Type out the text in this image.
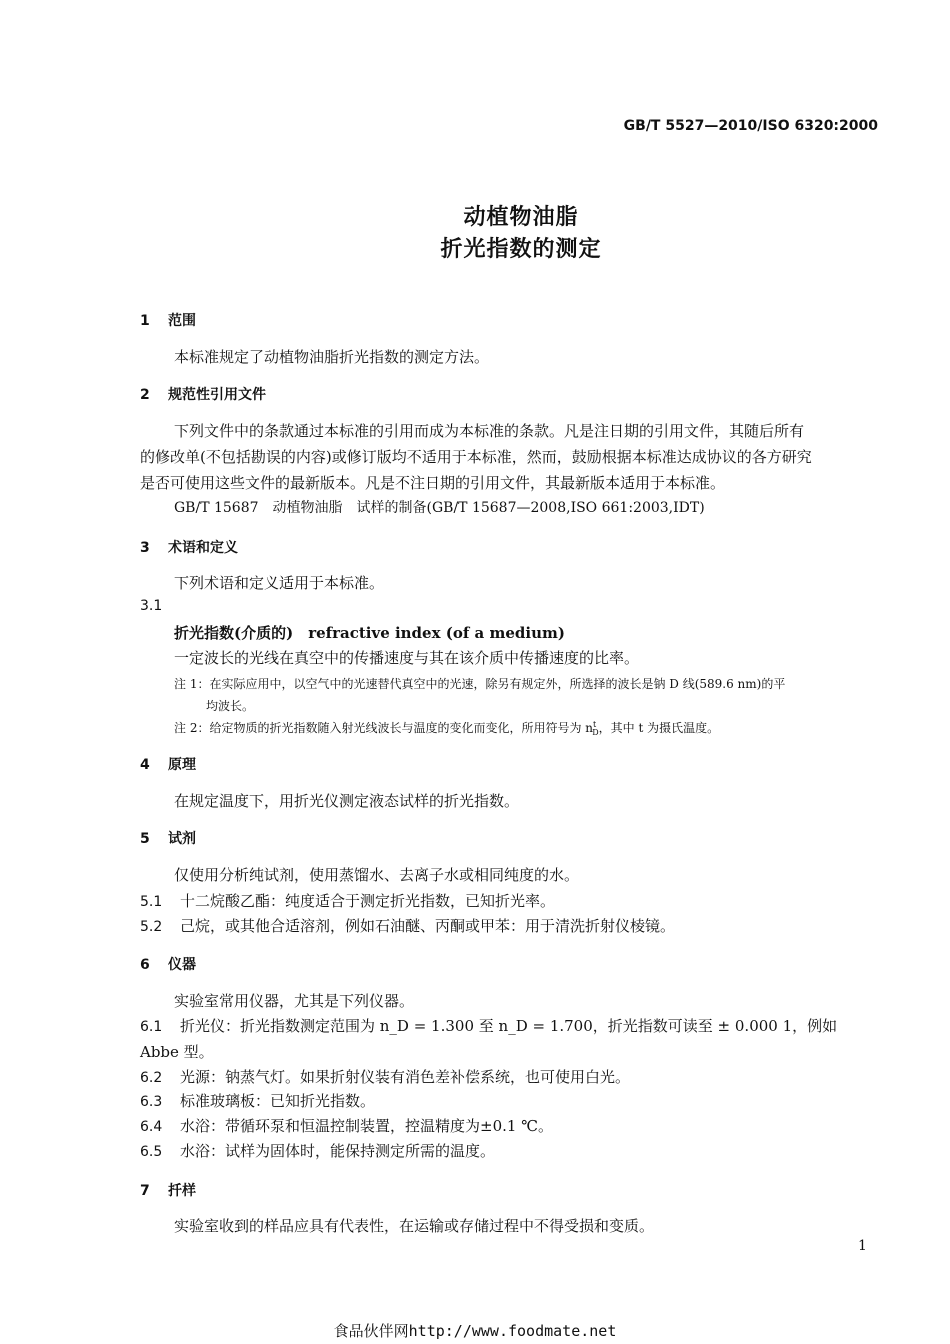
GB/T 5527—2010/ISO 6320:2000
动植物油脂
折光指数的测定
1 范围
本标准规定了动植物油脂折光指数的测定方法。
2 规范性引用文件
下列文件中的条款通过本标准的引用而成为本标准的条款。凡是注日期的引用文件，其随后所有
的修改单(不包括勘误的内容)或修订版均不适用于本标准，然而，鼓励根据本标准达成协议的各方研究
是否可使用这些文件的最新版本。凡是不注日期的引用文件，其最新版本适用于本标准。
GB/T 15687　动植物油脂　试样的制备(GB/T 15687—2008,ISO 661:2003,IDT)
3 术语和定义
下列术语和定义适用于本标准。
3.1
折光指数(介质的)　refractive index (of a medium)
一定波长的光线在真空中的传播速度与其在该介质中传播速度的比率。
注 1：在实际应用中，以空气中的光速替代真空中的光速，除另有规定外，所选择的波长是钠 D 线(589.6 nm)的平
均波长。
注 2：给定物质的折光指数随入射光线波长与温度的变化而变化，所用符号为 $n^t_D$，其中 t 为摄氏温度。
4 原理
在规定温度下，用折光仪测定液态试样的折光指数。
5 试剂
仅使用分析纯试剂，使用蒸馏水、去离子水或相同纯度的水。
5.1 十二烷酸乙酯：纯度适合于测定折光指数，已知折光率。
5.2 己烷，或其他合适溶剂，例如石油醚、丙酮或甲苯：用于清洗折射仪棱镜。
6 仪器
实验室常用仪器，尤其是下列仪器。
6.1 折光仪：折光指数测定范围为 n_D = 1.300 至 n_D = 1.700，折光指数可读至 ± 0.000 1，例如
Abbe 型。
6.2 光源：钠蒸气灯。如果折射仪装有消色差补偿系统，也可使用白光。
6.3 标准玻璃板：已知折光指数。
6.4 水浴：带循环泵和恒温控制装置，控温精度为±0.1 ℃。
6.5 水浴：试样为固体时，能保持测定所需的温度。
7 扦样
实验室收到的样品应具有代表性，在运输或存储过程中不得受损和变质。
1
食品伙伴网http://www.foodmate.net
